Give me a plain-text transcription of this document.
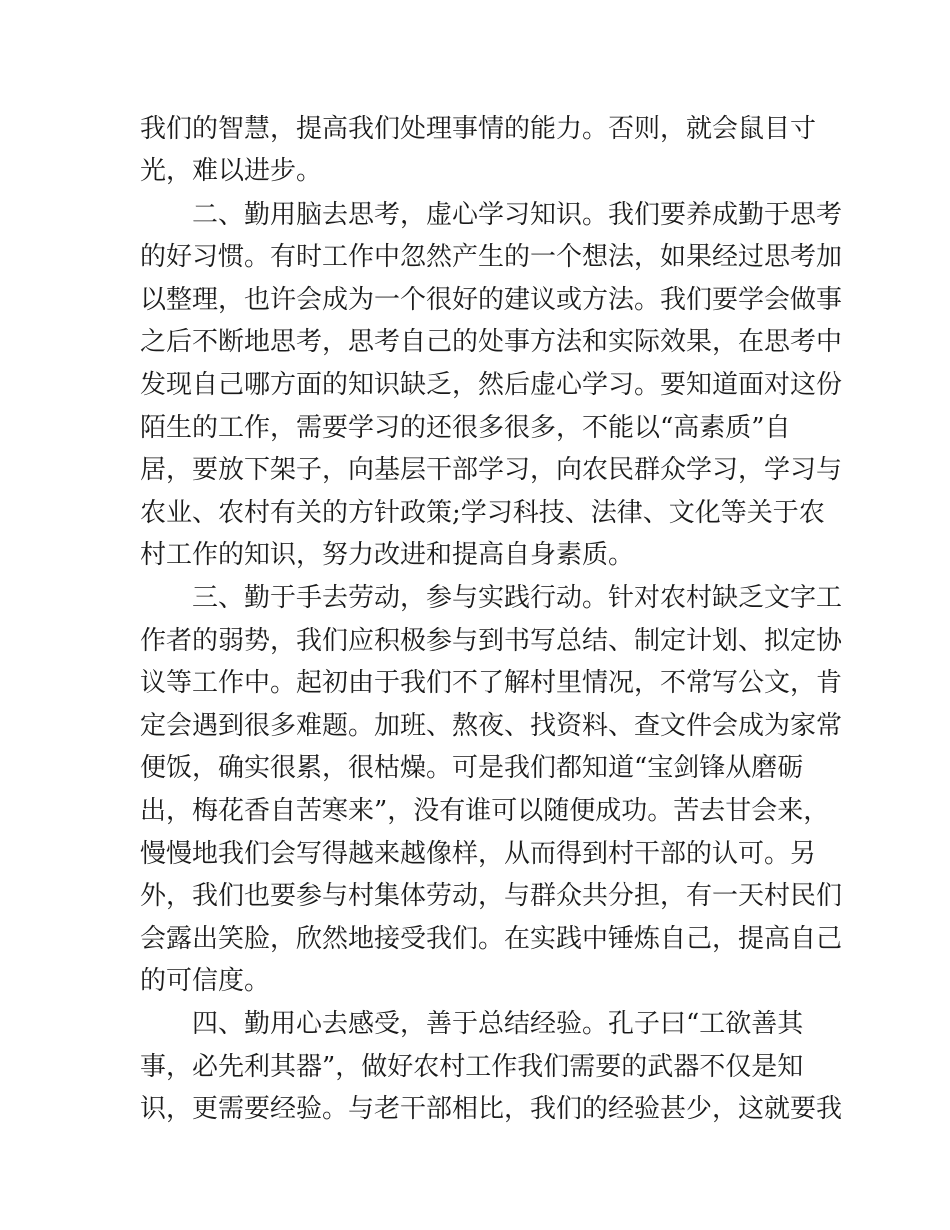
我们的智慧，提高我们处理事情的能力。否则，就会鼠目寸
光，难以进步。
二、勤用脑去思考，虚心学习知识。我们要养成勤于思考
的好习惯。有时工作中忽然产生的一个想法，如果经过思考加
以整理，也许会成为一个很好的建议或方法。我们要学会做事
之后不断地思考，思考自己的处事方法和实际效果，在思考中
发现自己哪方面的知识缺乏，然后虚心学习。要知道面对这份
陌生的工作，需要学习的还很多很多，不能以“高素质”自
居，要放下架子，向基层干部学习，向农民群众学习，学习与
农业、农村有关的方针政策;学习科技、法律、文化等关于农
村工作的知识，努力改进和提高自身素质。
三、勤于手去劳动，参与实践行动。针对农村缺乏文字工
作者的弱势，我们应积极参与到书写总结、制定计划、拟定协
议等工作中。起初由于我们不了解村里情况，不常写公文，肯
定会遇到很多难题。加班、熬夜、找资料、查文件会成为家常
便饭，确实很累，很枯燥。可是我们都知道“宝剑锋从磨砺
出，梅花香自苦寒来”，没有谁可以随便成功。苦去甘会来，
慢慢地我们会写得越来越像样，从而得到村干部的认可。另
外，我们也要参与村集体劳动，与群众共分担，有一天村民们
会露出笑脸，欣然地接受我们。在实践中锤炼自己，提高自己
的可信度。
四、勤用心去感受，善于总结经验。孔子曰“工欲善其
事，必先利其器”，做好农村工作我们需要的武器不仅是知
识，更需要经验。与老干部相比，我们的经验甚少，这就要我
